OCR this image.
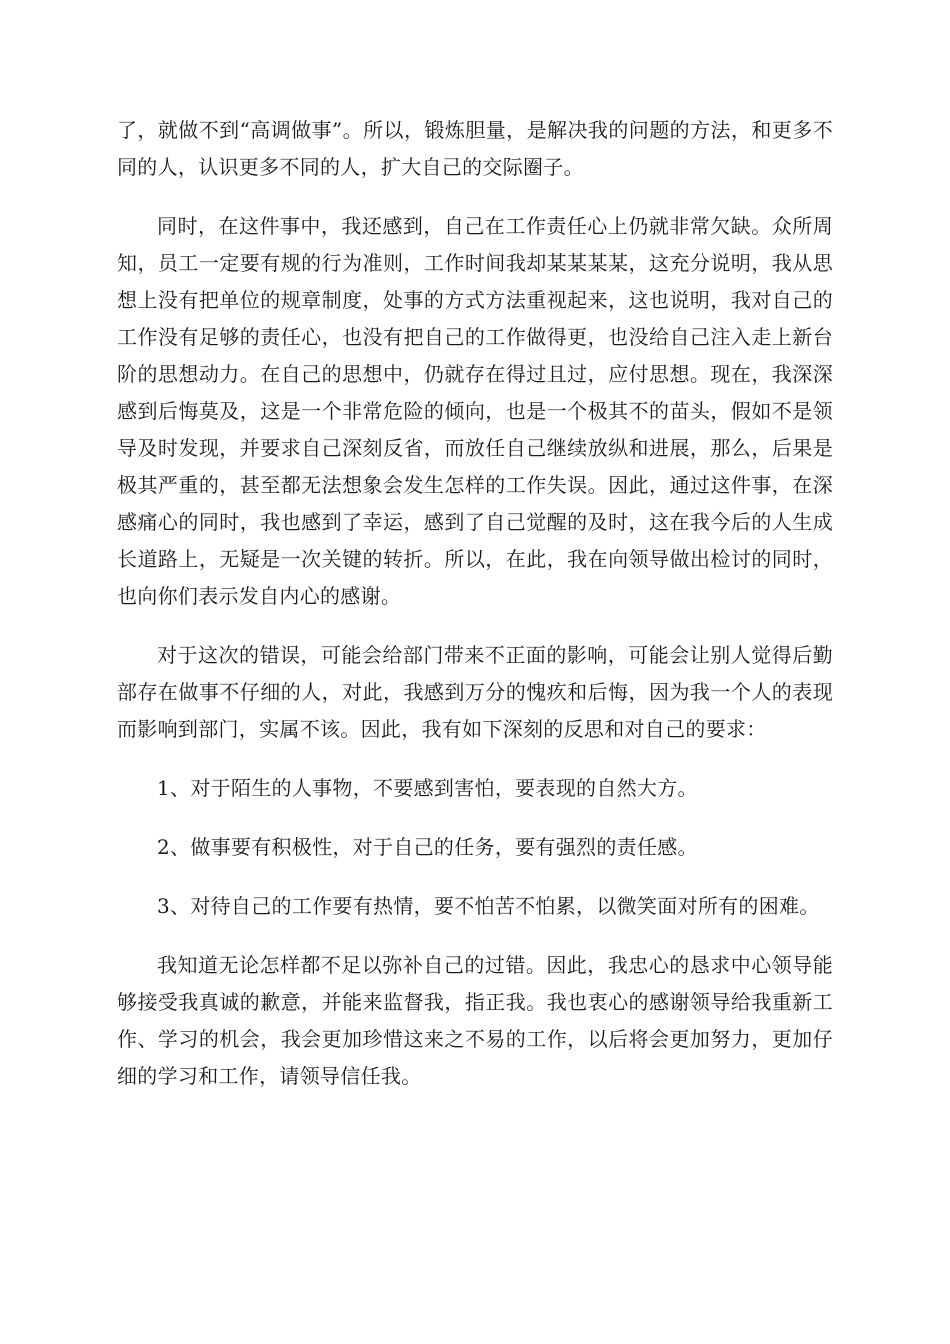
了，就做不到“高调做事”。所以，锻炼胆量，是解决我的问题的方法，和更多不同的人，认识更多不同的人，扩大自己的交际圈子。

同时，在这件事中，我还感到，自己在工作责任心上仍就非常欠缺。众所周知，员工一定要有规的行为准则，工作时间我却某某某某，这充分说明，我从思想上没有把单位的规章制度，处事的方式方法重视起来，这也说明，我对自己的工作没有足够的责任心，也没有把自己的工作做得更，也没给自己注入走上新台阶的思想动力。在自己的思想中，仍就存在得过且过，应付思想。现在，我深深感到后悔莫及，这是一个非常危险的倾向，也是一个极其不的苗头，假如不是领导及时发现，并要求自己深刻反省，而放任自己继续放纵和进展，那么，后果是极其严重的，甚至都无法想象会发生怎样的工作失误。因此，通过这件事，在深感痛心的同时，我也感到了幸运，感到了自己觉醒的及时，这在我今后的人生成长道路上，无疑是一次关键的转折。所以，在此，我在向领导做出检讨的同时，也向你们表示发自内心的感谢。

对于这次的错误，可能会给部门带来不正面的影响，可能会让别人觉得后勤部存在做事不仔细的人，对此，我感到万分的愧疚和后悔，因为我一个人的表现而影响到部门，实属不该。因此，我有如下深刻的反思和对自己的要求：

1、对于陌生的人事物，不要感到害怕，要表现的自然大方。

2、做事要有积极性，对于自己的任务，要有强烈的责任感。

3、对待自己的工作要有热情，要不怕苦不怕累，以微笑面对所有的困难。

我知道无论怎样都不足以弥补自己的过错。因此，我忠心的恳求中心领导能够接受我真诚的歉意，并能来监督我，指正我。我也衷心的感谢领导给我重新工作、学习的机会，我会更加珍惜这来之不易的工作，以后将会更加努力，更加仔细的学习和工作，请领导信任我。
